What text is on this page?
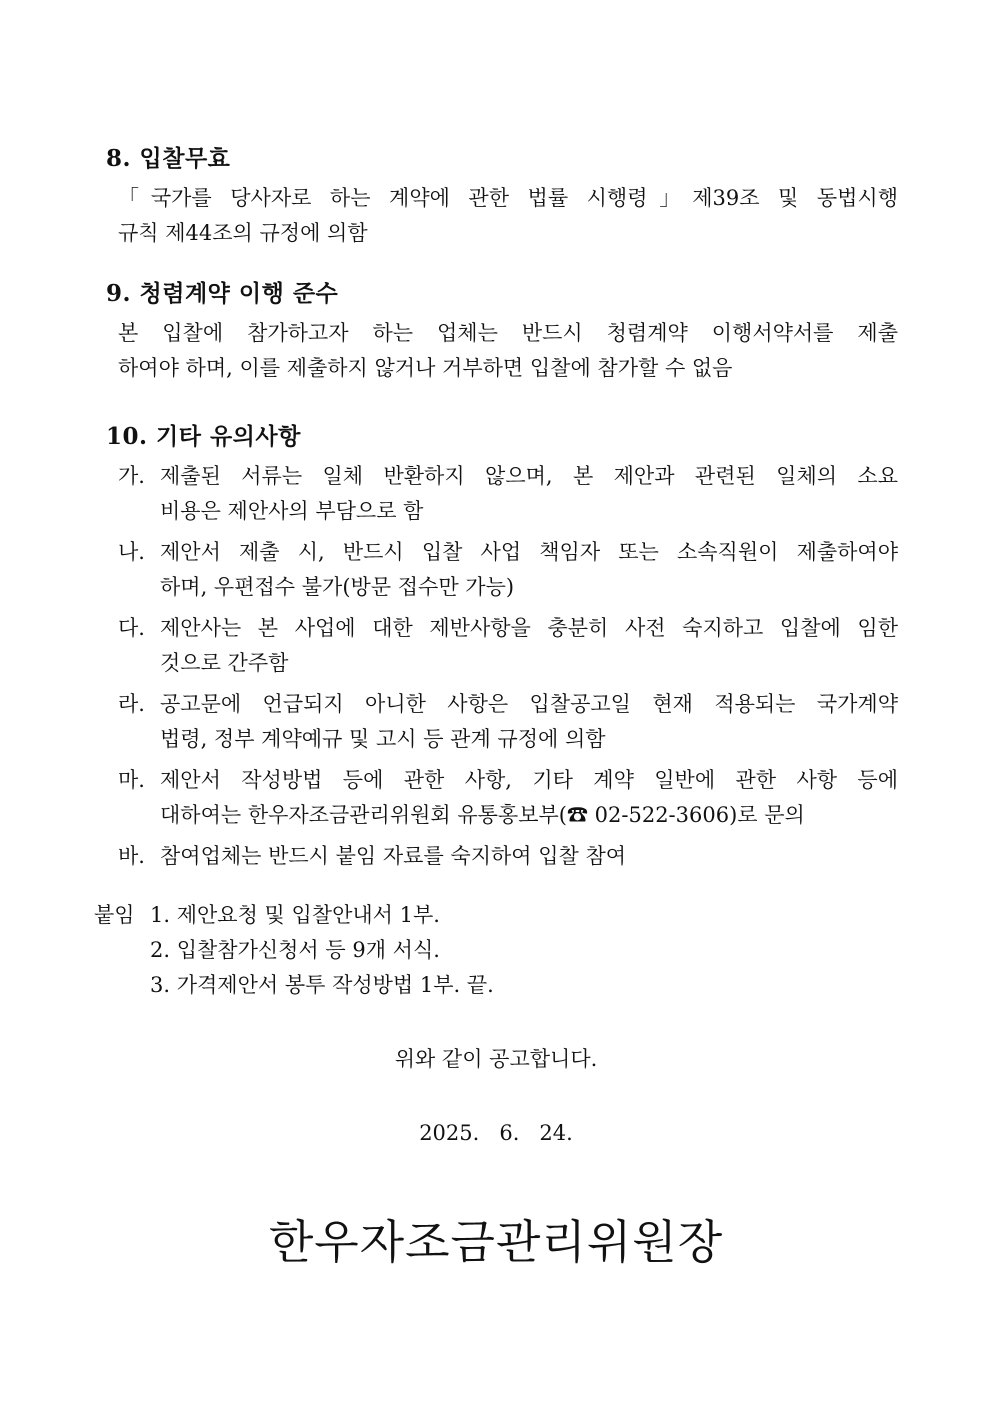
8. 입찰무효
「국가를 당사자로 하는 계약에 관한 법률 시행령」제39조 및 동법시행
규칙 제44조의 규정에 의함
9. 청렴계약 이행 준수
본 입찰에 참가하고자 하는 업체는 반드시 청렴계약 이행서약서를 제출
하여야 하며, 이를 제출하지 않거나 거부하면 입찰에 참가할 수 없음
10. 기타 유의사항
가. 제출된 서류는 일체 반환하지 않으며, 본 제안과 관련된 일체의 소요
비용은 제안사의 부담으로 함
나. 제안서 제출 시, 반드시 입찰 사업 책임자 또는 소속직원이 제출하여야
하며, 우편접수 불가(방문 접수만 가능)
다. 제안사는 본 사업에 대한 제반사항을 충분히 사전 숙지하고 입찰에 임한
것으로 간주함
라. 공고문에 언급되지 아니한 사항은 입찰공고일 현재 적용되는 국가계약
법령, 정부 계약예규 및 고시 등 관계 규정에 의함
마. 제안서 작성방법 등에 관한 사항, 기타 계약 일반에 관한 사항 등에
대하여는 한우자조금관리위원회 유통홍보부(☎ 02-522-3606)로 문의
바. 참여업체는 반드시 붙임 자료를 숙지하여 입찰 참여
붙임 1. 제안요청 및 입찰안내서 1부.
2. 입찰참가신청서 등 9개 서식.
3. 가격제안서 봉투 작성방법 1부. 끝.
위와 같이 공고합니다.
2025.   6.   24.
한우자조금관리위원장
